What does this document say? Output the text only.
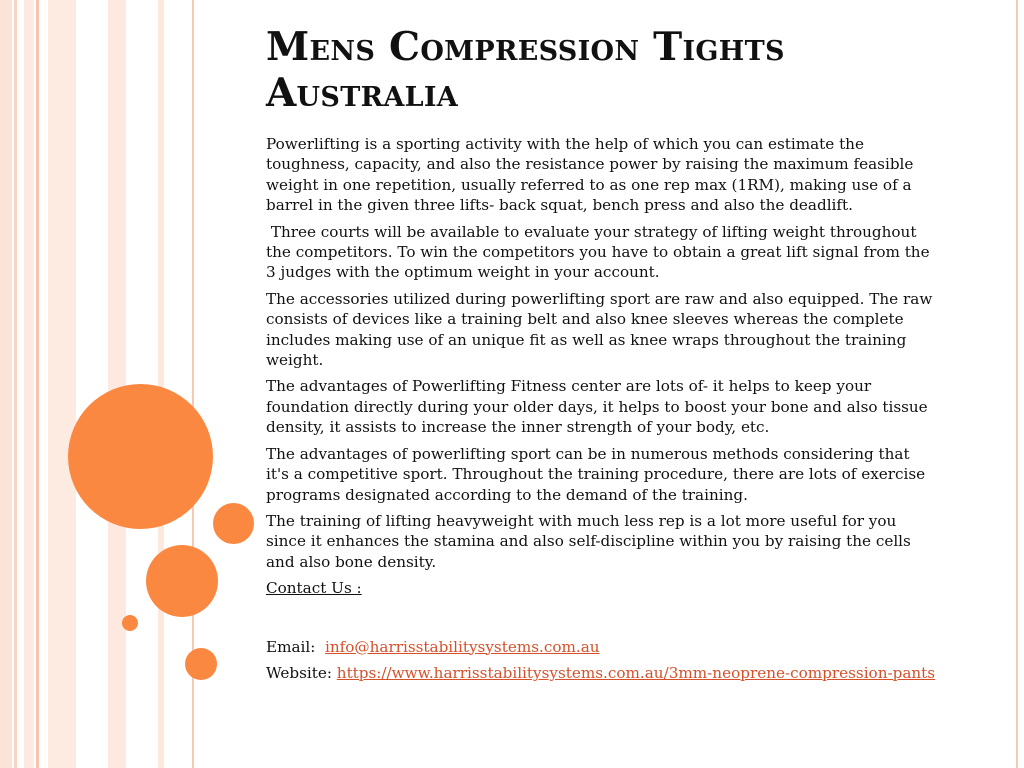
Mens Compression Tights
Australia

Powerlifting is a sporting activity with the help of which you can estimate the toughness, capacity, and also the resistance power by raising the maximum feasible weight in one repetition, usually referred to as one rep max (1RM), making use of a barrel in the given three lifts- back squat, bench press and also the deadlift.

Three courts will be available to evaluate your strategy of lifting weight throughout the competitors. To win the competitors you have to obtain a great lift signal from the 3 judges with the optimum weight in your account.

The accessories utilized during powerlifting sport are raw and also equipped. The raw consists of devices like a training belt and also knee sleeves whereas the complete includes making use of an unique fit as well as knee wraps throughout the training weight.

The advantages of Powerlifting Fitness center are lots of- it helps to keep your foundation directly during your older days, it helps to boost your bone and also tissue density, it assists to increase the inner strength of your body, etc.

The advantages of powerlifting sport can be in numerous methods considering that it's a competitive sport. Throughout the training procedure, there are lots of exercise programs designated according to the demand of the training.

The training of lifting heavyweight with much less rep is a lot more useful for you since it enhances the stamina and also self-discipline within you by raising the cells and also bone density.

Contact Us :

Email:  info@harrisstabilitysystems.com.au

Website: https://www.harrisstabilitysystems.com.au/3mm-neoprene-compression-pants
